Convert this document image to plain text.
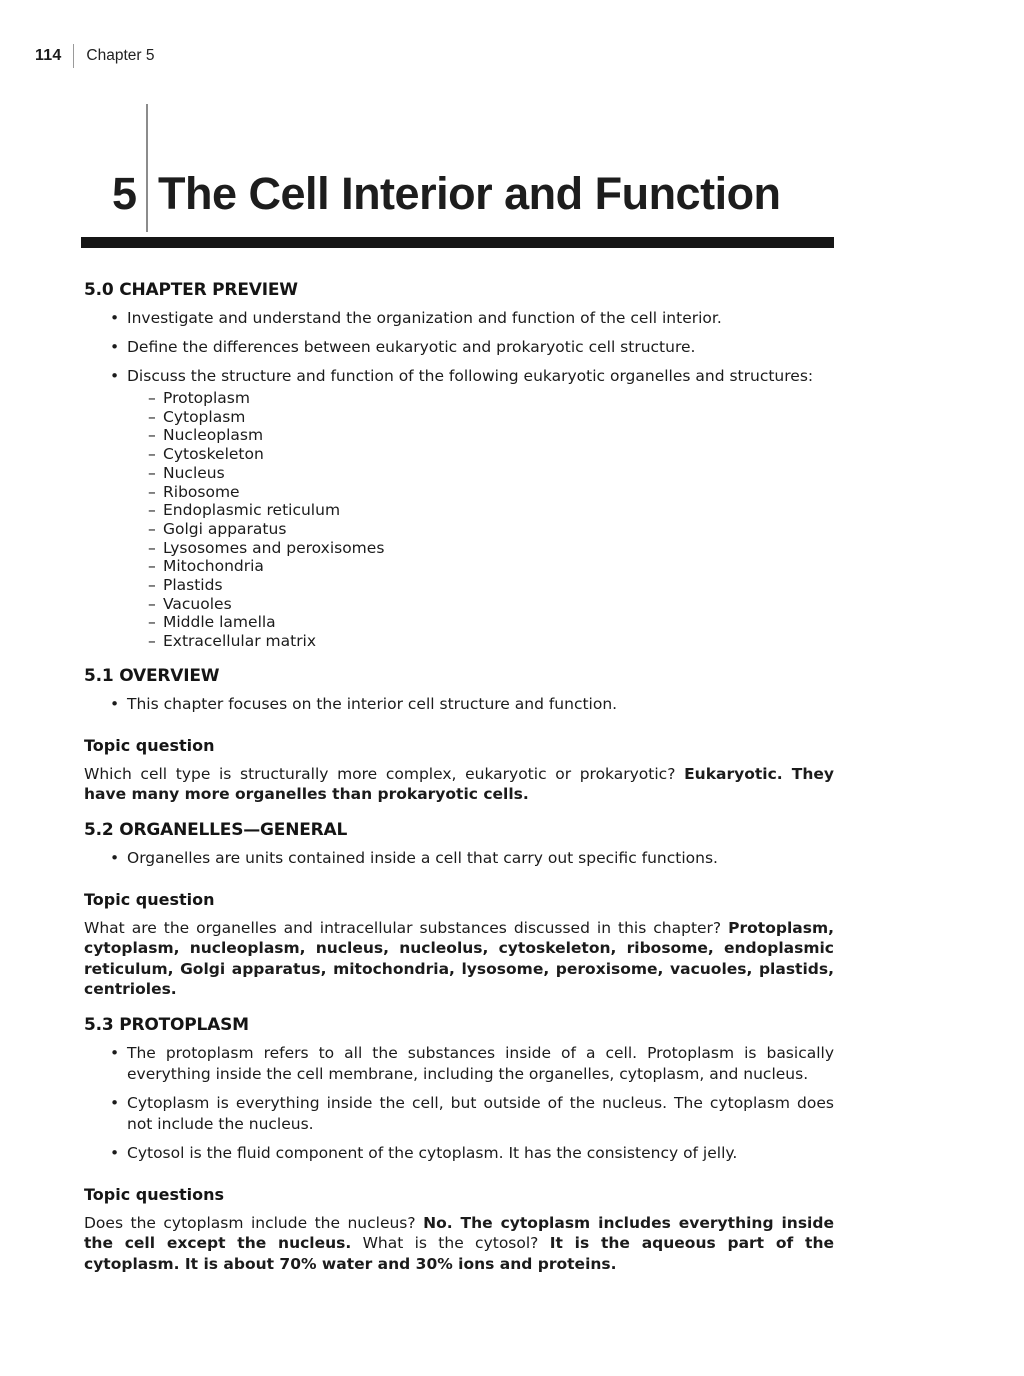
114 Chapter 5
5 The Cell Interior and Function
5.0 CHAPTER PREVIEW
• Investigate and understand the organization and function of the cell interior.
• Define the differences between eukaryotic and prokaryotic cell structure.
• Discuss the structure and function of the following eukaryotic organelles and structures:
– Protoplasm
– Cytoplasm
– Nucleoplasm
– Cytoskeleton
– Nucleus
– Ribosome
– Endoplasmic reticulum
– Golgi apparatus
– Lysosomes and peroxisomes
– Mitochondria
– Plastids
– Vacuoles
– Middle lamella
– Extracellular matrix
5.1 OVERVIEW
• This chapter focuses on the interior cell structure and function.

Topic question

Which cell type is structurally more complex, eukaryotic or prokaryotic? Eukaryotic. They have many more organelles than prokaryotic cells.

5.2 ORGANELLES—GENERAL
• Organelles are units contained inside a cell that carry out specific functions.

Topic question

What are the organelles and intracellular substances discussed in this chapter? Protoplasm, cytoplasm, nucleoplasm, nucleus, nucleolus, cytoskeleton, ribosome, endoplasmic reticulum, Golgi apparatus, mitochondria, lysosome, peroxisome, vacuoles, plastids, centrioles.

5.3 PROTOPLASM
• The protoplasm refers to all the substances inside of a cell. Protoplasm is basically everything inside the cell membrane, including the organelles, cytoplasm, and nucleus.
• Cytoplasm is everything inside the cell, but outside of the nucleus. The cytoplasm does not include the nucleus.
• Cytosol is the fluid component of the cytoplasm. It has the consistency of jelly.

Topic questions

Does the cytoplasm include the nucleus? No. The cytoplasm includes everything inside the cell except the nucleus. What is the cytosol? It is the aqueous part of the cytoplasm. It is about 70% water and 30% ions and proteins.
